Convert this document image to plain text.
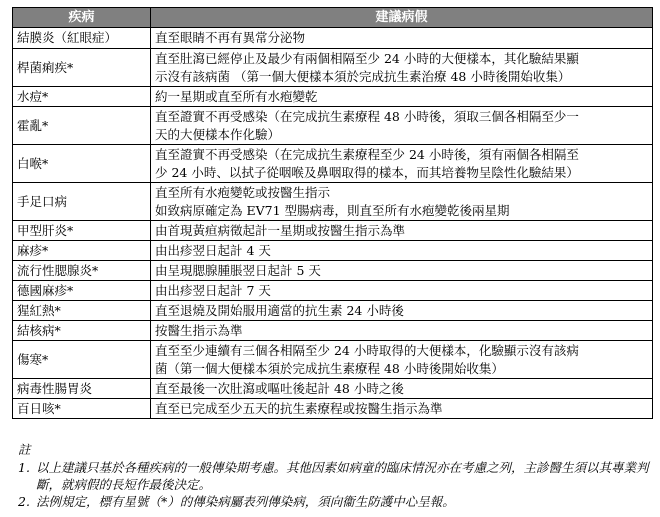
疾病	建議病假
結膜炎（紅眼症）	直至眼睛不再有異常分泌物
桿菌痢疾*	直至肚瀉已經停止及最少有兩個相隔至少 24 小時的大便樣本，其化驗結果顯
示沒有該病菌 （第一個大便樣本須於完成抗生素治療 48 小時後開始收集）
水痘*	約一星期或直至所有水疱變乾
霍亂*	直至證實不再受感染（在完成抗生素療程 48 小時後，須取三個各相隔至少一
天的大便樣本作化驗）
白喉*	直至證實不再受感染（在完成抗生素療程至少 24 小時後，須有兩個各相隔至
少 24 小時、以拭子從咽喉及鼻咽取得的樣本，而其培養物呈陰性化驗結果）
手足口病	直至所有水疱變乾或按醫生指示
如致病原確定為 EV71 型腸病毒，則直至所有水疱變乾後兩星期
甲型肝炎*	由首現黃疸病徵起計一星期或按醫生指示為準
麻疹*	由出疹翌日起計 4 天
流行性腮腺炎*	由呈現腮腺腫脹翌日起計 5 天
德國麻疹*	由出疹翌日起計 7 天
猩紅熱*	直至退燒及開始服用適當的抗生素 24 小時後
結核病*	按醫生指示為準
傷寒*	直至至少連續有三個各相隔至少 24 小時取得的大便樣本，化驗顯示沒有該病
菌（第一個大便樣本須於完成抗生素療程 48 小時後開始收集）
病毒性腸胃炎	直至最後一次肚瀉或嘔吐後起計 48 小時之後
百日咳*	直至已完成至少五天的抗生素療程或按醫生指示為準
註
1. 以上建議只基於各種疾病的一般傳染期考慮。其他因素如病童的臨床情況亦在考慮之列，主診醫生須以其專業判斷，就病假的長短作最後決定。
2. 法例規定，標有星號（*）的傳染病屬表列傳染病，須向衞生防護中心呈報。
